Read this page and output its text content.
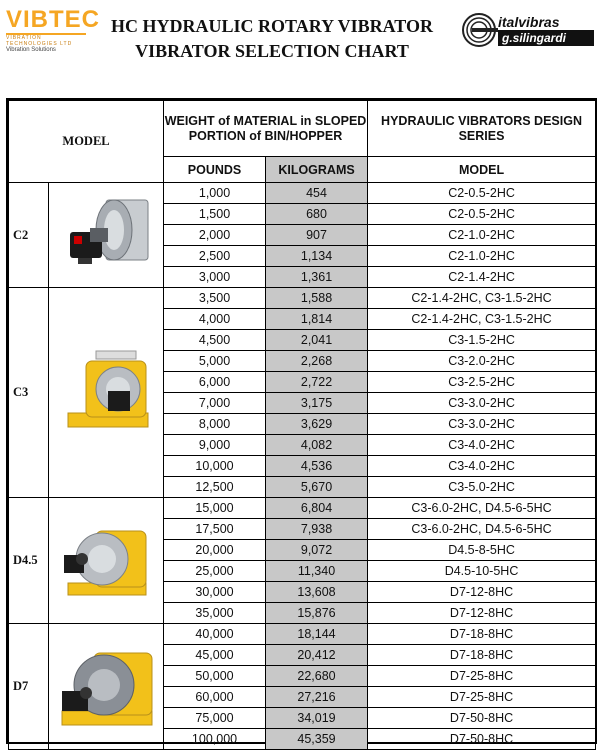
VIBTEC
VIBRATION TECHNOLOGIES LTD
Vibration Solutions
HC HYDRAULIC ROTARY VIBRATOR
VIBRATOR SELECTION CHART
italvibras
g.silingardi
MODEL		WEIGHT of MATERIAL in SLOPED PORTION of BIN/HOPPER		HYDRAULIC VIBRATORS DESIGN SERIES
		POUNDS	KILOGRAMS	MODEL
C2		1,000	454	C2-0.5-2HC
		1,500	680	C2-0.5-2HC
		2,000	907	C2-1.0-2HC
		2,500	1,134	C2-1.0-2HC
		3,000	1,361	C2-1.4-2HC
C3		3,500	1,588	C2-1.4-2HC, C3-1.5-2HC
		4,000	1,814	C2-1.4-2HC, C3-1.5-2HC
		4,500	2,041	C3-1.5-2HC
		5,000	2,268	C3-2.0-2HC
		6,000	2,722	C3-2.5-2HC
		7,000	3,175	C3-3.0-2HC
		8,000	3,629	C3-3.0-2HC
		9,000	4,082	C3-4.0-2HC
		10,000	4,536	C3-4.0-2HC
		12,500	5,670	C3-5.0-2HC
D4.5		15,000	6,804	C3-6.0-2HC, D4.5-6-5HC
		17,500	7,938	C3-6.0-2HC, D4.5-6-5HC
		20,000	9,072	D4.5-8-5HC
		25,000	11,340	D4.5-10-5HC
		30,000	13,608	D7-12-8HC
		35,000	15,876	D7-12-8HC
D7		40,000	18,144	D7-18-8HC
		45,000	20,412	D7-18-8HC
		50,000	22,680	D7-25-8HC
		60,000	27,216	D7-25-8HC
		75,000	34,019	D7-50-8HC
		100,000	45,359	D7-50-8HC
